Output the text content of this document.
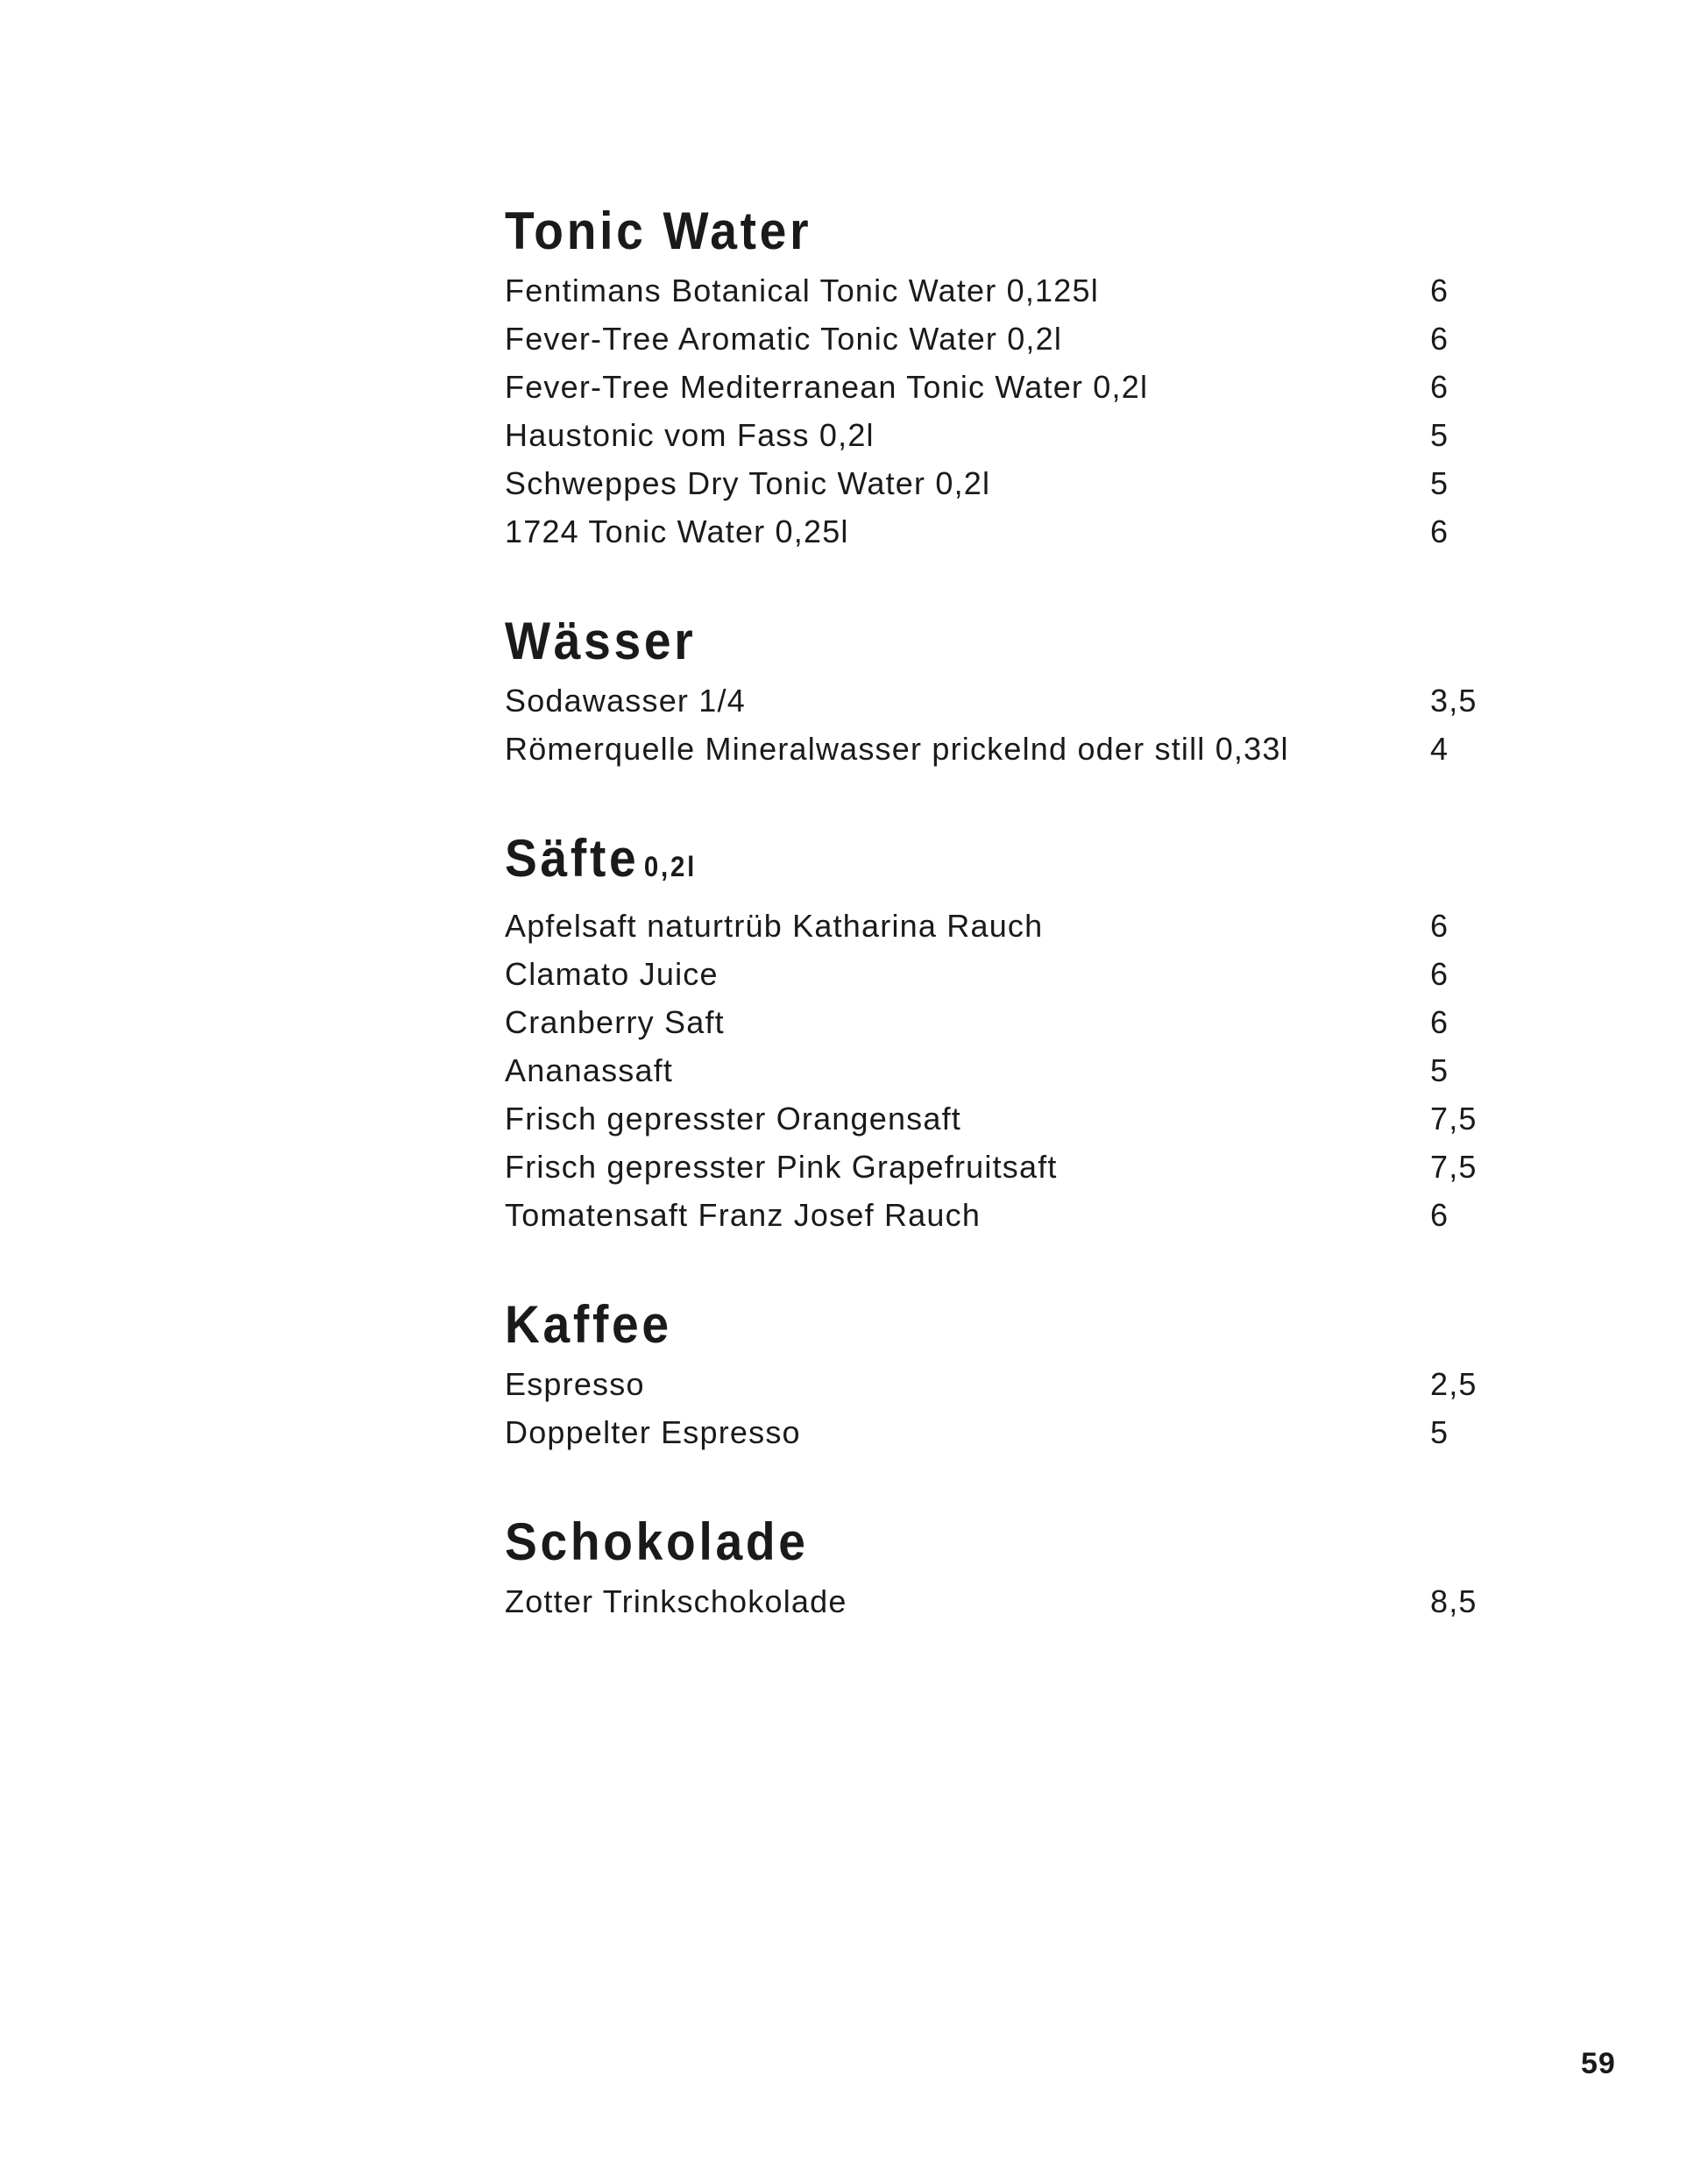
Tonic Water
Fentimans Botanical Tonic Water 0,125l	6
Fever-Tree Aromatic Tonic Water 0,2l	6
Fever-Tree Mediterranean Tonic Water 0,2l	6
Haustonic vom Fass 0,2l	5
Schweppes Dry Tonic Water 0,2l	5
1724 Tonic Water 0,25l	6
Wässer
Sodawasser 1/4	3,5
Römerquelle Mineralwasser prickelnd oder still 0,33l	4
Säfte 0,2l
Apfelsaft naturtrüb Katharina Rauch	6
Clamato Juice	6
Cranberry Saft	6
Ananassaft	5
Frisch gepresster Orangensaft	7,5
Frisch gepresster Pink Grapefruitsaft	7,5
Tomatensaft Franz Josef Rauch	6
Kaffee
Espresso	2,5
Doppelter Espresso	5
Schokolade
Zotter Trinkschokolade	8,5
59
